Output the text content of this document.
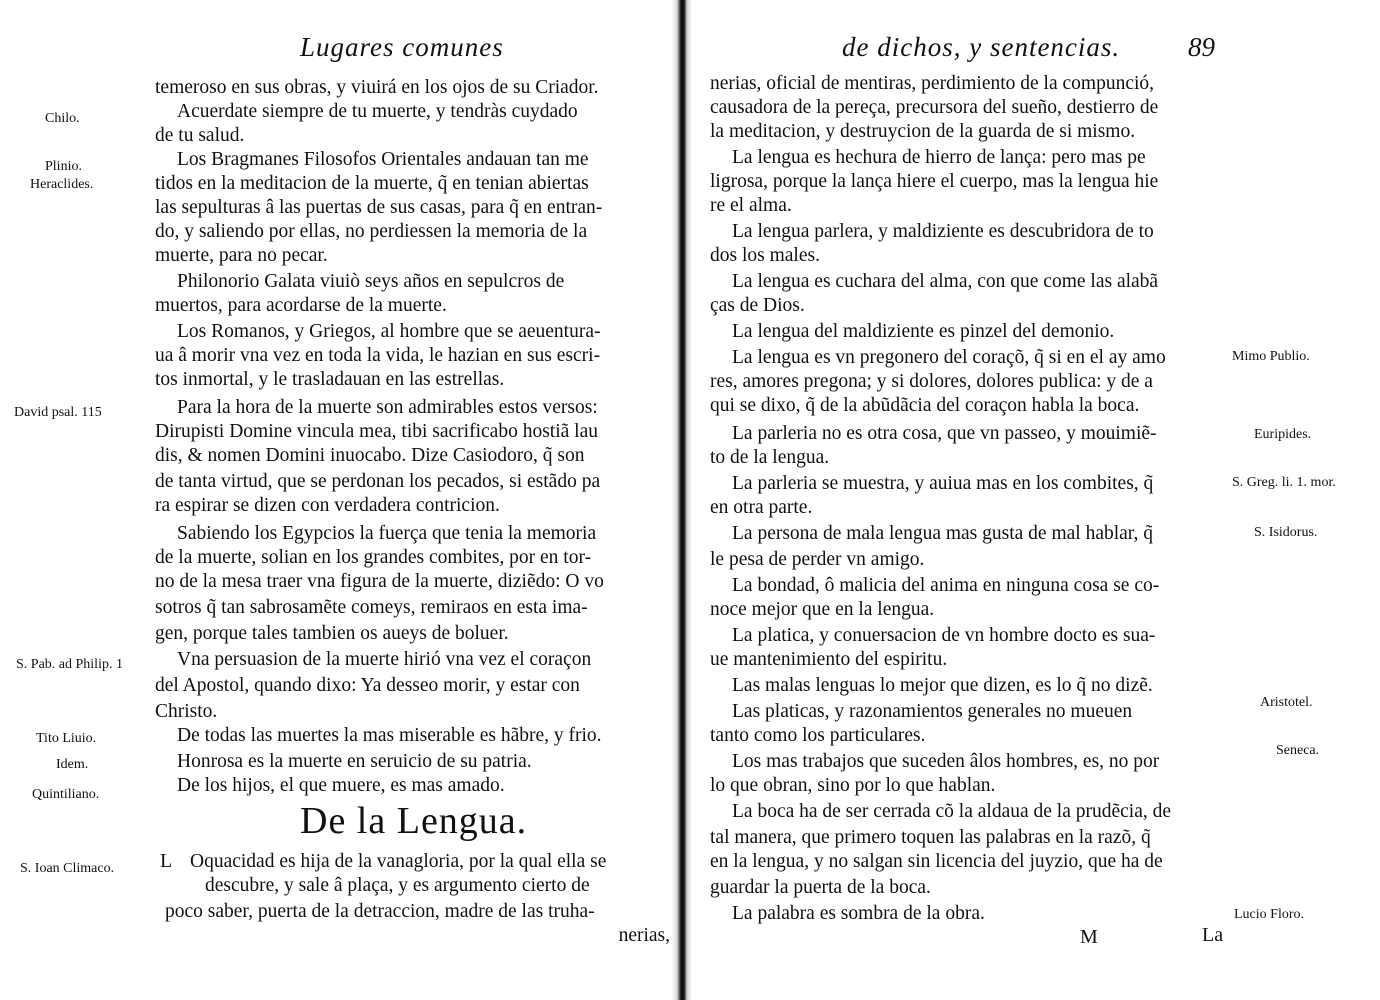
Lugares comunes
temeroso en sus obras, y viuirá en los ojos de su Criador.
Acuerdate siempre de tu muerte, y tendràs cuydado
de tu salud.
Los Bragmanes Filosofos Orientales andauan tan me
tidos en la meditacion de la muerte, q̃ en tenian abiertas
las sepulturas â las puertas de sus casas, para q̃ en entran-
do, y saliendo por ellas, no perdiessen la memoria de la
muerte, para no pecar.
Philonorio Galata viuiò seys años en sepulcros de
muertos, para acordarse de la muerte.
Los Romanos, y Griegos, al hombre que se aeuentura-
ua â morir vna vez en toda la vida, le hazian en sus escri-
tos inmortal, y le trasladauan en las estrellas.
Para la hora de la muerte son admirables estos versos:
Dirupisti Domine vincula mea, tibi sacrificabo hostiã lau
dis, & nomen Domini inuocabo. Dize Casiodoro, q̃ son
de tanta virtud, que se perdonan los pecados, si estãdo pa
ra espirar se dizen con verdadera contricion.
Sabiendo los Egypcios la fuerça que tenia la memoria
de la muerte, solian en los grandes combites, por en tor-
no de la mesa traer vna figura de la muerte, diziẽdo: O vo
sotros q̃ tan sabrosamẽte comeys, remiraos en esta ima-
gen, porque tales tambien os aueys de boluer.
Vna persuasion de la muerte hirió vna vez el coraçon
del Apostol, quando dixo: Ya desseo morir, y estar con
Christo.
De todas las muertes la mas miserable es hãbre, y frio.
Honrosa es la muerte en seruicio de su patria.
De los hijos, el que muere, es mas amado.
De la Lengua.
L Oquacidad es hija de la vanagloria, por la qual ella se
descubre, y sale â plaça, y es argumento cierto de
poco saber, puerta de la detraccion, madre de las truha-
nerias,
Chilo.
Plinio.
Heraclides.
David psal. 115
S. Pab. ad Philip. 1
Tito Liuio.
Idem.
Quintiliano.
S. Ioan Climaco.
de dichos, y sentencias.	89
nerias, oficial de mentiras, perdimiento de la compunció,
causadora de la pereça, precursora del sueño, destierro de
la meditacion, y destruycion de la guarda de si mismo.
La lengua es hechura de hierro de lança: pero mas pe
ligrosa, porque la lança hiere el cuerpo, mas la lengua hie
re el alma.
La lengua parlera, y maldiziente es descubridora de to
dos los males.
La lengua es cuchara del alma, con que come las alabã
ças de Dios.
La lengua del maldiziente es pinzel del demonio.
La lengua es vn pregonero del coraçõ, q̃ si en el ay amo
res, amores pregona; y si dolores, dolores publica: y de a
qui se dixo, q̃ de la abũdãcia del coraçon habla la boca.
La parleria no es otra cosa, que vn passeo, y mouimiẽ-
to de la lengua.
La parleria se muestra, y auiua mas en los combites, q̃
en otra parte.
La persona de mala lengua mas gusta de mal hablar, q̃
le pesa de perder vn amigo.
La bondad, ô malicia del anima en ninguna cosa se co-
noce mejor que en la lengua.
La platica, y conuersacion de vn hombre docto es sua-
ue mantenimiento del espiritu.
Las malas lenguas lo mejor que dizen, es lo q̃ no dizẽ.
Las platicas, y razonamientos generales no mueuen
tanto como los particulares.
Los mas trabajos que suceden âlos hombres, es, no por
lo que obran, sino por lo que hablan.
La boca ha de ser cerrada cõ la aldaua de la prudẽcia, de
tal manera, que primero toquen las palabras en la razõ, q̃
en la lengua, y no salgan sin licencia del juyzio, que ha de
guardar la puerta de la boca.
La palabra es sombra de la obra.
Mimo Publio.
Euripides.
S. Greg. li. 1. mor.
S. Isidorus.
Aristotel.
Seneca.
Lucio Floro.
M	La
